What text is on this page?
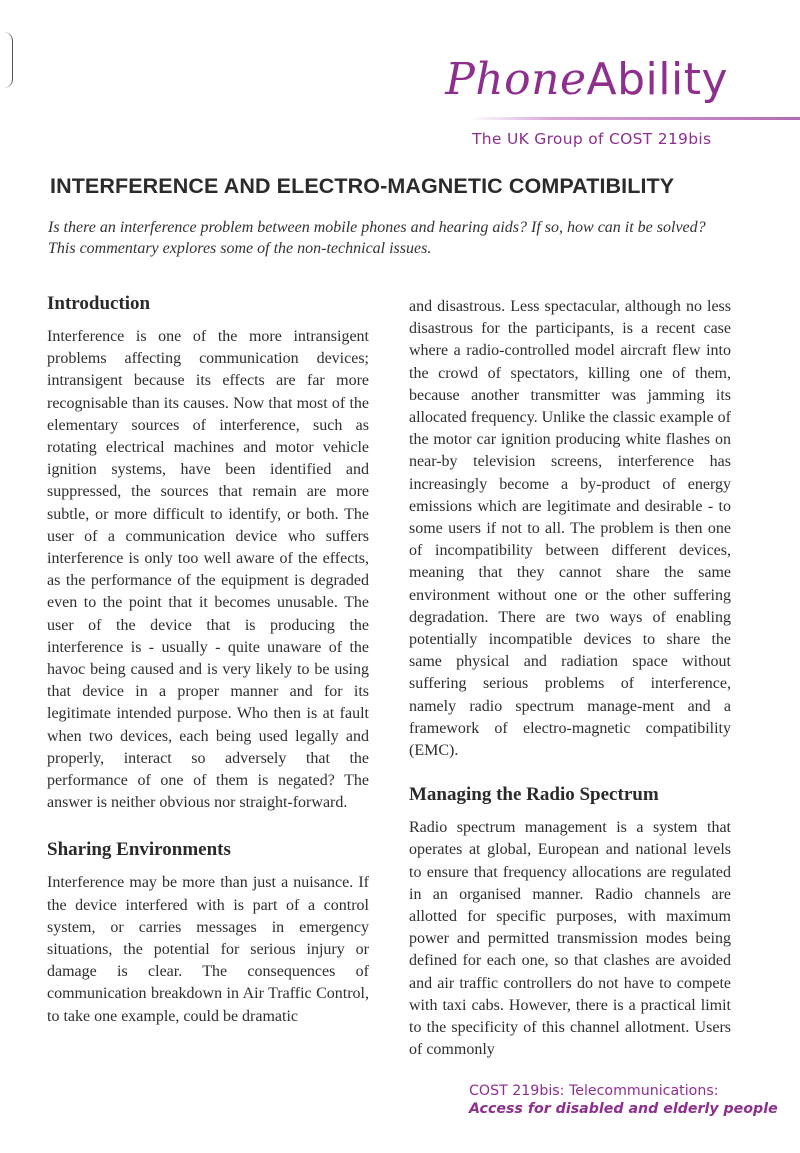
PhoneAbility
The UK Group of COST 219bis
INTERFERENCE AND ELECTRO-MAGNETIC COMPATIBILITY

Is there an interference problem between mobile phones and hearing aids? If so, how can it be solved? This commentary explores some of the non-technical issues.

Introduction

Interference is one of the more intransigent problems affecting communication devices; intransigent because its effects are far more recognisable than its causes. Now that most of the elementary sources of interference, such as rotating electrical machines and motor vehicle ignition systems, have been identified and suppressed, the sources that remain are more subtle, or more difficult to identify, or both. The user of a communication device who suffers interference is only too well aware of the effects, as the performance of the equipment is degraded even to the point that it becomes unusable. The user of the device that is producing the interference is - usually - quite unaware of the havoc being caused and is very likely to be using that device in a proper manner and for its legitimate intended purpose. Who then is at fault when two devices, each being used legally and properly, interact so adversely that the performance of one of them is negated? The answer is neither obvious nor straight-forward.

Sharing Environments

Interference may be more than just a nuisance. If the device interfered with is part of a control system, or carries messages in emergency situations, the potential for serious injury or damage is clear. The consequences of communication breakdown in Air Traffic Control, to take one example, could be dramatic

and disastrous. Less spectacular, although no less disastrous for the participants, is a recent case where a radio-controlled model aircraft flew into the crowd of spectators, killing one of them, because another transmitter was jamming its allocated frequency. Unlike the classic example of the motor car ignition producing white flashes on near-by television screens, interference has increasingly become a by-product of energy emissions which are legitimate and desirable - to some users if not to all. The problem is then one of incompatibility between different devices, meaning that they cannot share the same environment without one or the other suffering degradation. There are two ways of enabling potentially incompatible devices to share the same physical and radiation space without suffering serious problems of interference, namely radio spectrum manage-ment and a framework of electro-magnetic compatibility (EMC).

Managing the Radio Spectrum

Radio spectrum management is a system that operates at global, European and national levels to ensure that frequency allocations are regulated in an organised manner. Radio channels are allotted for specific purposes, with maximum power and permitted transmission modes being defined for each one, so that clashes are avoided and air traffic controllers do not have to compete with taxi cabs. However, there is a practical limit to the specificity of this channel allotment. Users of commonly

COST 219bis: Telecommunications:
Access for disabled and elderly people
